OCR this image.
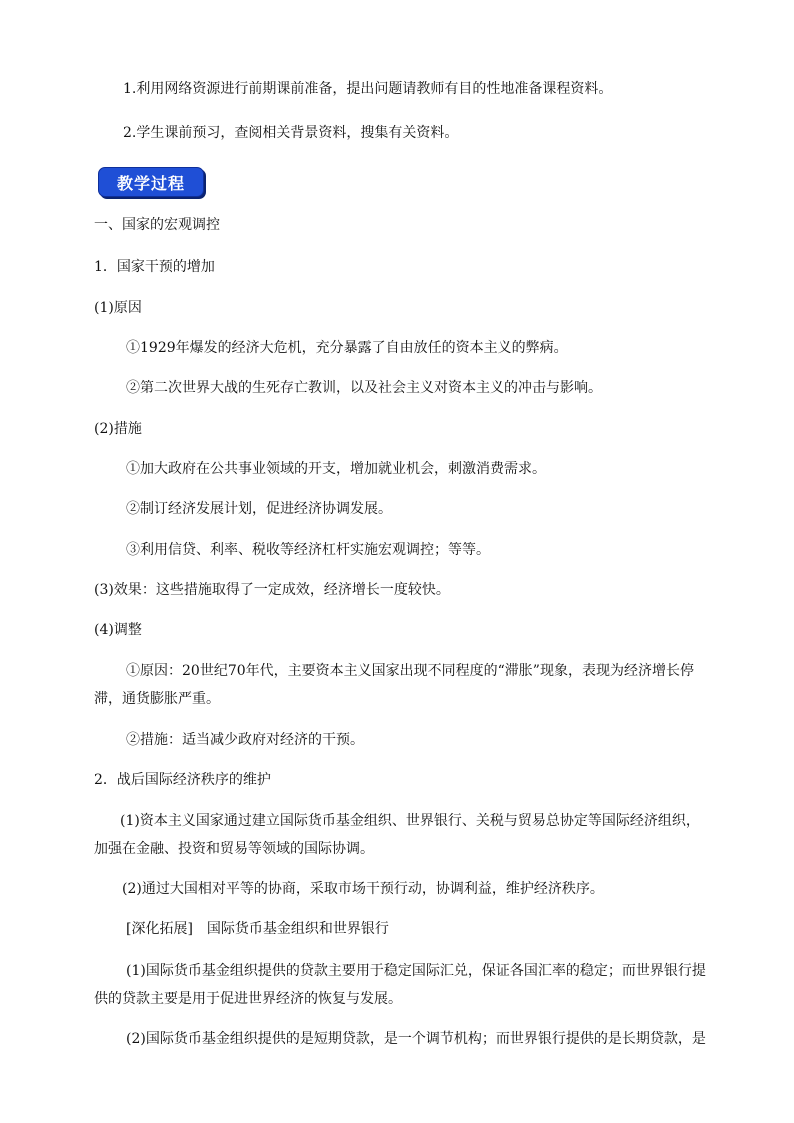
1.利用网络资源进行前期课前准备，提出问题请教师有目的性地准备课程资料。
2.学生课前预习，查阅相关背景资料，搜集有关资料。
教学过程
一、国家的宏观调控
1．国家干预的增加
(1)原因
①1929年爆发的经济大危机，充分暴露了自由放任的资本主义的弊病。
②第二次世界大战的生死存亡教训，以及社会主义对资本主义的冲击与影响。
(2)措施
①加大政府在公共事业领域的开支，增加就业机会，刺激消费需求。
②制订经济发展计划，促进经济协调发展。
③利用信贷、利率、税收等经济杠杆实施宏观调控；等等。
(3)效果：这些措施取得了一定成效，经济增长一度较快。
(4)调整
①原因：20世纪70年代，主要资本主义国家出现不同程度的“滞胀”现象，表现为经济增长停
滞，通货膨胀严重。
②措施：适当减少政府对经济的干预。
2．战后国际经济秩序的维护
(1)资本主义国家通过建立国际货币基金组织、世界银行、关税与贸易总协定等国际经济组织，
加强在金融、投资和贸易等领域的国际协调。
(2)通过大国相对平等的协商，采取市场干预行动，协调利益，维护经济秩序。
[深化拓展]　国际货币基金组织和世界银行
(1)国际货币基金组织提供的贷款主要用于稳定国际汇兑，保证各国汇率的稳定；而世界银行提
供的贷款主要是用于促进世界经济的恢复与发展。
(2)国际货币基金组织提供的是短期贷款，是一个调节机构；而世界银行提供的是长期贷款，是
